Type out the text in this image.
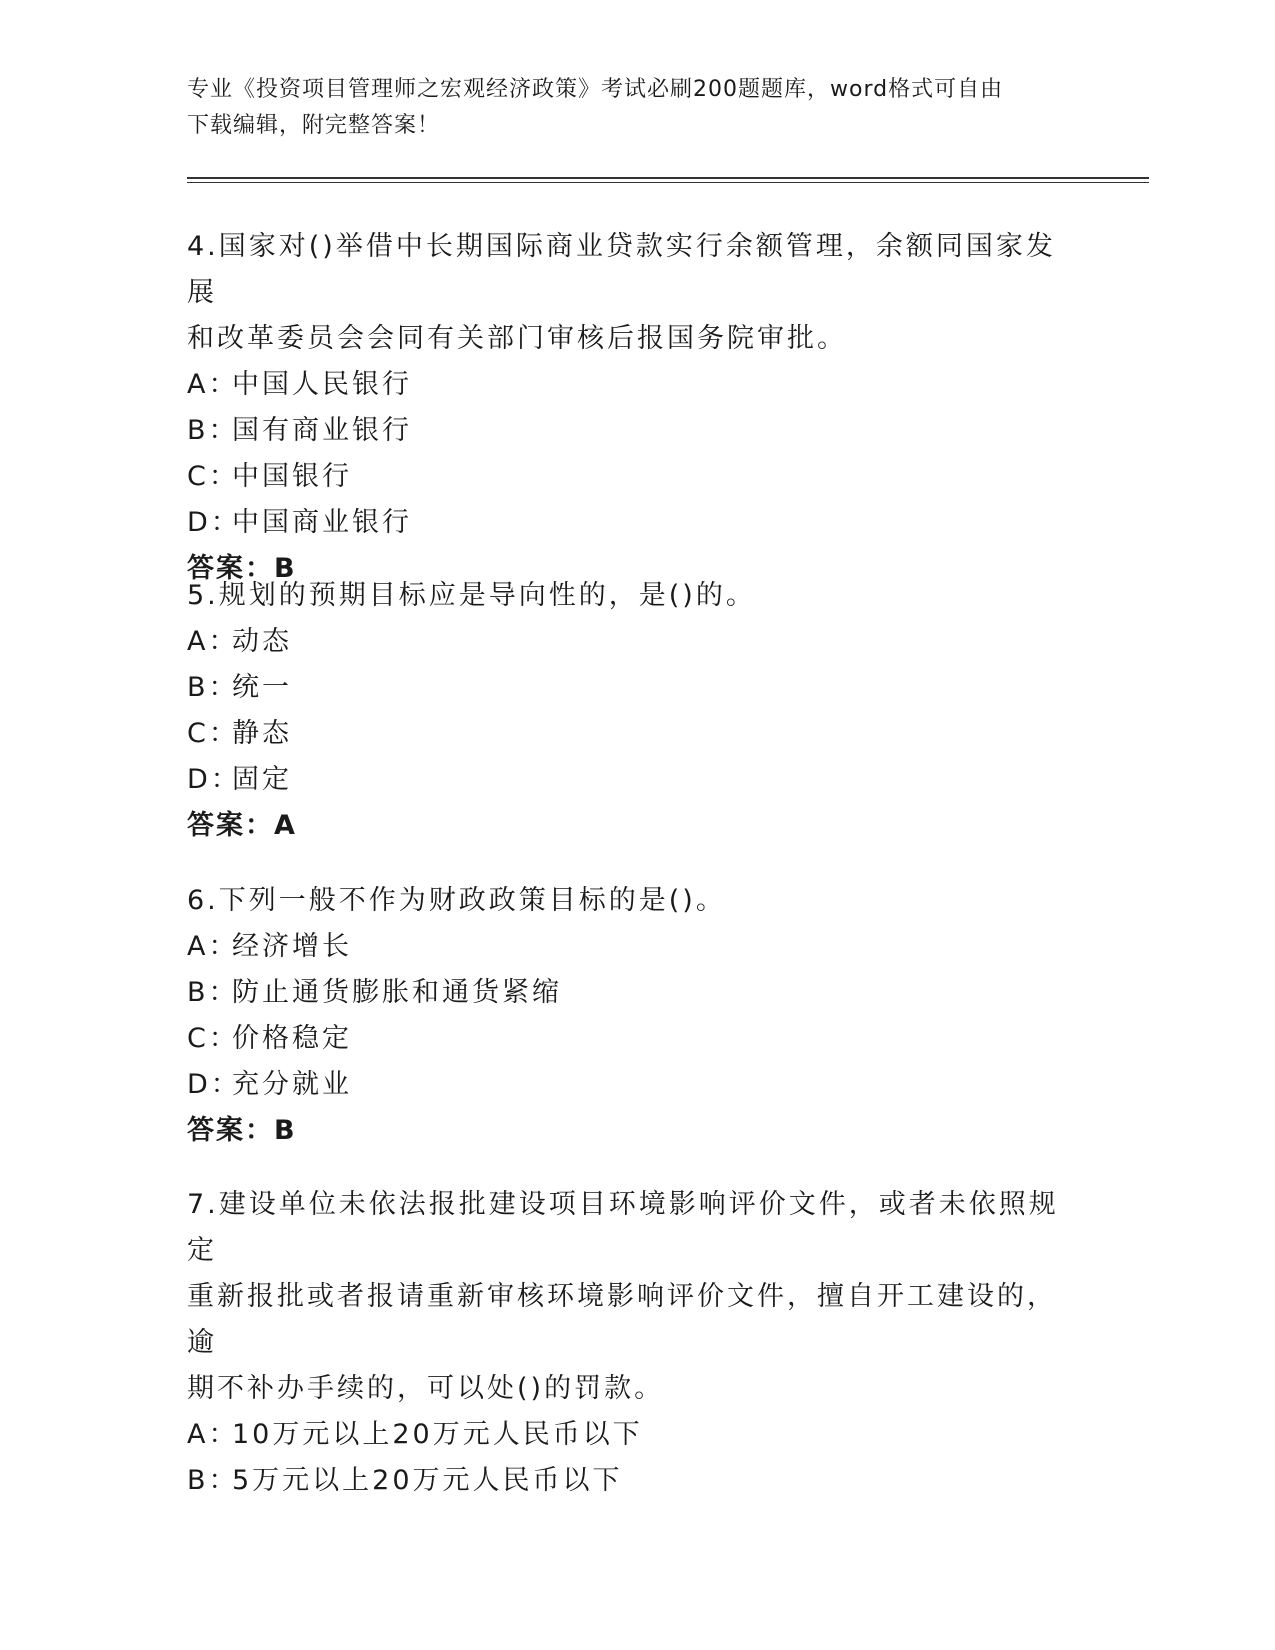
专业《投资项目管理师之宏观经济政策》考试必刷200题题库，word格式可自由
下载编辑，附完整答案！
4.国家对()举借中长期国际商业贷款实行余额管理，余额同国家发展
和改革委员会会同有关部门审核后报国务院审批。
A：
中国人民银行
B：
国有商业银行
C：
中国银行
D：
中国商业银行
答案：B
5.规划的预期目标应是导向性的，是()的。
A：
动态
B：
统一
C：
静态
D：
固定
答案：A
6.下列一般不作为财政政策目标的是()。
A：
经济增长
B：
防止通货膨胀和通货紧缩
C：
价格稳定
D：
充分就业
答案：B
7.建设单位未依法报批建设项目环境影响评价文件，或者未依照规定
重新报批或者报请重新审核环境影响评价文件，擅自开工建设的，逾
期不补办手续的，可以处()的罚款。
A：
10万元以上20万元人民币以下
B：
5万元以上20万元人民币以下
